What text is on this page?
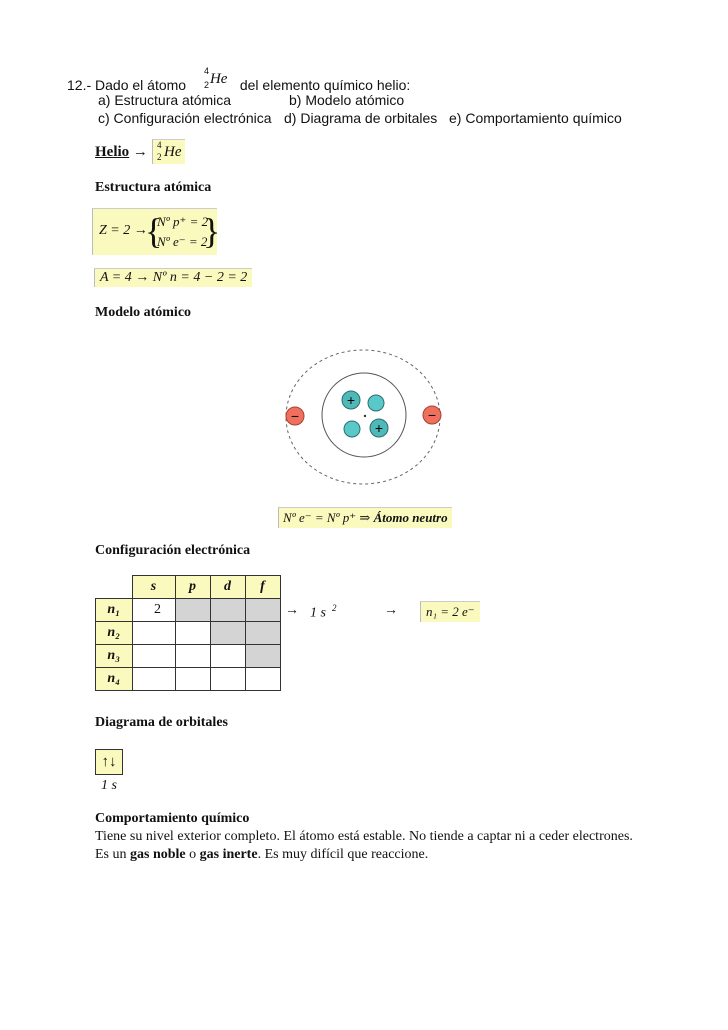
12.- Dado el átomo
4
2 He del elemento químico helio:
a) Estructura atómica	b) Modelo atómico
c) Configuración electrónica d) Diagrama de orbitales e) Comportamiento químico
Helio → 4
2 He
Estructura atómica
Z = 2 →
{
Nº p⁺ = 2
Nº e⁻ = 2
}
A = 4 → Nº n = 4 − 2 = 2
Modelo atómico
+
+
−	−
Nº e⁻ = Nº p⁺ ⇒ Átomo neutro
Configuración electrónica
	s	p	d	f
n₁	2			
n₂				
n₃				
n₄				
→ 1 s $^2$	→	n₁ = 2 e⁻
Diagrama de orbitales
↑↓
1 s
Comportamiento químico
Tiene su nivel exterior completo. El átomo está estable. No tiende a captar ni a ceder electrones.
Es un gas noble o gas inerte. Es muy difícil que reaccione.
